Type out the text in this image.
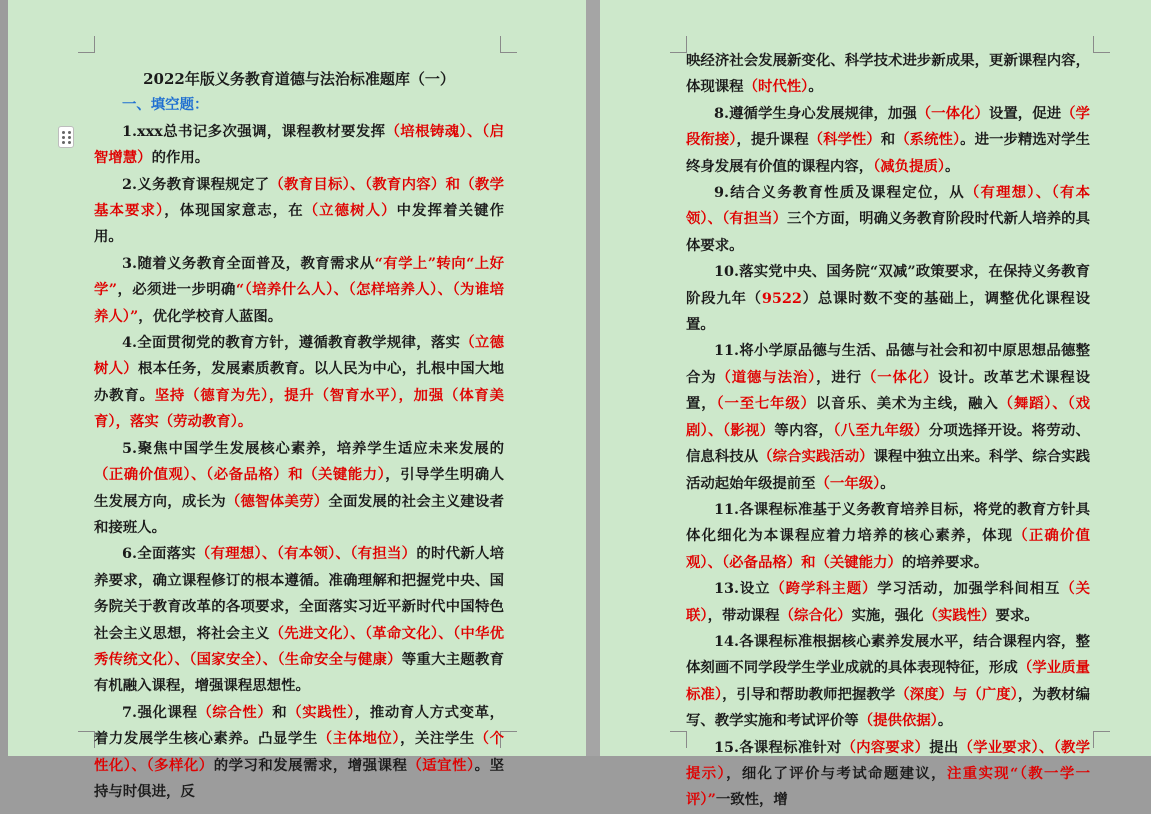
2022年版义务教育道德与法治标准题库（一）

一、填空题：

1.xxx总书记多次强调，课程教材要发挥（培根铸魂）、（启智增慧）的作用。

2.义务教育课程规定了（教育目标）、（教育内容）和（教学基本要求），体现国家意志，在（立德树人）中发挥着关键作用。

3.随着义务教育全面普及，教育需求从“有学上”转向“上好学”，必须进一步明确“（培养什么人）、（怎样培养人）、（为谁培养人）”，优化学校育人蓝图。

4.全面贯彻党的教育方针，遵循教育教学规律，落实（立德树人）根本任务，发展素质教育。以人民为中心，扎根中国大地办教育。坚持（德育为先），提升（智育水平），加强（体育美育），落实（劳动教育）。

5.聚焦中国学生发展核心素养，培养学生适应未来发展的（正确价值观）、（必备品格）和（关键能力），引导学生明确人生发展方向，成长为（德智体美劳）全面发展的社会主义建设者和接班人。

6.全面落实（有理想）、（有本领）、（有担当）的时代新人培养要求，确立课程修订的根本遵循。准确理解和把握党中央、国务院关于教育改革的各项要求，全面落实习近平新时代中国特色社会主义思想，将社会主义（先进文化）、（革命文化）、（中华优秀传统文化）、（国家安全）、（生命安全与健康）等重大主题教育有机融入课程，增强课程思想性。

7.强化课程（综合性）和（实践性），推动育人方式变革，着力发展学生核心素养。凸显学生（主体地位），关注学生（个性化）、（多样化）的学习和发展需求，增强课程（适宜性）。坚持与时俱进，反

映经济社会发展新变化、科学技术进步新成果，更新课程内容，体现课程（时代性）。

8.遵循学生身心发展规律，加强（一体化）设置，促进（学段衔接），提升课程（科学性）和（系统性）。进一步精选对学生终身发展有价值的课程内容，（减负提质）。

9.结合义务教育性质及课程定位，从（有理想）、（有本领）、（有担当）三个方面，明确义务教育阶段时代新人培养的具体要求。

10.落实党中央、国务院“双减”政策要求，在保持义务教育阶段九年（9522）总课时数不变的基础上，调整优化课程设置。

11.将小学原品德与生活、品德与社会和初中原思想品德整合为（道德与法治），进行（一体化）设计。改革艺术课程设置，（一至七年级）以音乐、美术为主线，融入（舞蹈）、（戏剧）、（影视）等内容，（八至九年级）分项选择开设。将劳动、信息科技从（综合实践活动）课程中独立出来。科学、综合实践活动起始年级提前至（一年级）。

11.各课程标准基于义务教育培养目标，将党的教育方针具体化细化为本课程应着力培养的核心素养，体现（正确价值观）、（必备品格）和（关键能力）的培养要求。

13.设立（跨学科主题）学习活动，加强学科间相互（关联），带动课程（综合化）实施，强化（实践性）要求。

14.各课程标准根据核心素养发展水平，结合课程内容，整体刻画不同学段学生学业成就的具体表现特征，形成（学业质量标准），引导和帮助教师把握教学（深度）与（广度），为教材编写、教学实施和考试评价等（提供依据）。

15.各课程标准针对（内容要求）提出（学业要求）、（教学提示），细化了评价与考试命题建议，注重实现“（教一学一评）”一致性，增
